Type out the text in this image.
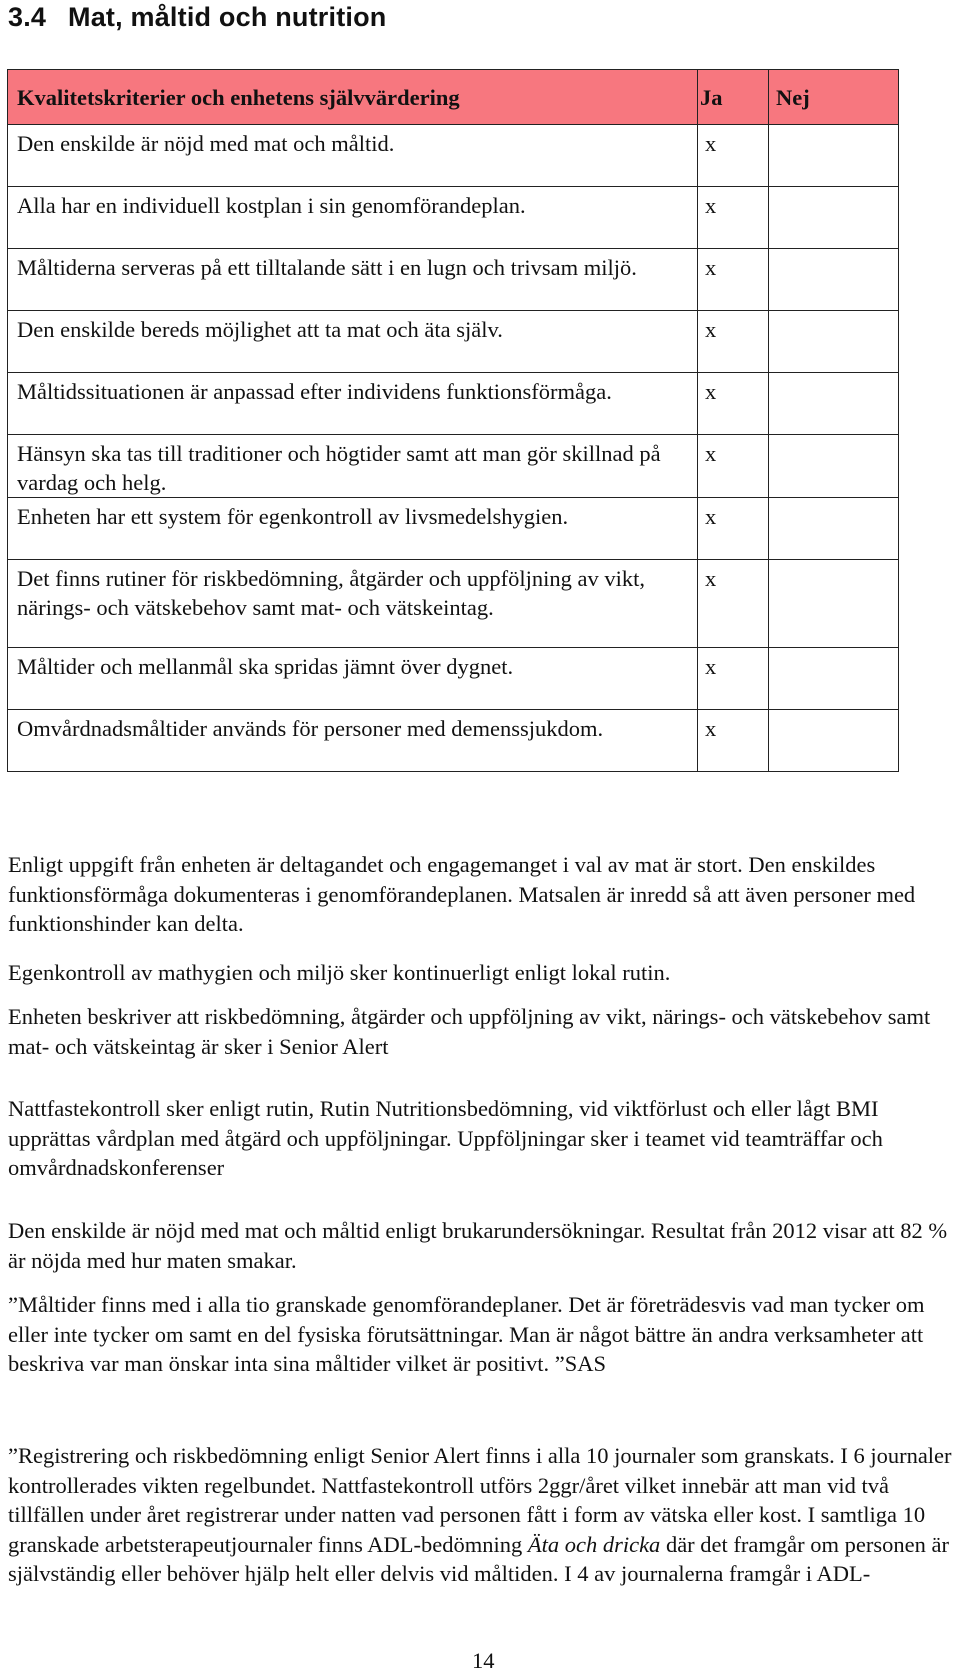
3.4 Mat, måltid och nutrition
Kvalitetskriterier och enhetens självvärdering	Ja	Nej
Den enskilde är nöjd med mat och måltid.	x	
Alla har en individuell kostplan i sin genomförandeplan.	x	
Måltiderna serveras på ett tilltalande sätt i en lugn och trivsam miljö.	x	
Den enskilde bereds möjlighet att ta mat och äta själv.	x	
Måltidssituationen är anpassad efter individens funktionsförmåga.	x	
Hänsyn ska tas till traditioner och högtider samt att man gör skillnad på vardag och helg.	x	
Enheten har ett system för egenkontroll av livsmedelshygien.	x	
Det finns rutiner för riskbedömning, åtgärder och uppföljning av vikt, närings- och vätskebehov samt mat- och vätskeintag.	x	
Måltider och mellanmål ska spridas jämnt över dygnet.	x	
Omvårdnadsmåltider används för personer med demenssjukdom.	x	

Enligt uppgift från enheten är deltagandet och engagemanget i val av mat är stort. Den enskildes funktionsförmåga dokumenteras i genomförandeplanen. Matsalen är inredd så att även personer med funktionshinder kan delta.

Egenkontroll av mathygien och miljö sker kontinuerligt enligt lokal rutin.

Enheten beskriver att riskbedömning, åtgärder och uppföljning av vikt, närings- och vätskebehov samt mat- och vätskeintag är sker i Senior Alert

Nattfastekontroll sker enligt rutin, Rutin Nutritionsbedömning, vid viktförlust och eller lågt BMI upprättas vårdplan med åtgärd och uppföljningar. Uppföljningar sker i teamet vid teamträffar och omvårdnadskonferenser

Den enskilde är nöjd med mat och måltid enligt brukarundersökningar. Resultat från 2012 visar att 82 % är nöjda med hur maten smakar.

”Måltider finns med i alla tio granskade genomförandeplaner. Det är företrädesvis vad man tycker om eller inte tycker om samt en del fysiska förutsättningar. Man är något bättre än andra verksamheter att beskriva var man önskar inta sina måltider vilket är positivt. ”SAS

”Registrering och riskbedömning enligt Senior Alert finns i alla 10 journaler som granskats. I 6 journaler kontrollerades vikten regelbundet. Nattfastekontroll utförs 2ggr/året vilket innebär att man vid två tillfällen under året registrerar under natten vad personen fått i form av vätska eller kost. I samtliga 10 granskade arbetsterapeutjournaler finns ADL-bedömning Äta och dricka där det framgår om personen är självständig eller behöver hjälp helt eller delvis vid måltiden. I 4 av journalerna framgår i ADL-

14
